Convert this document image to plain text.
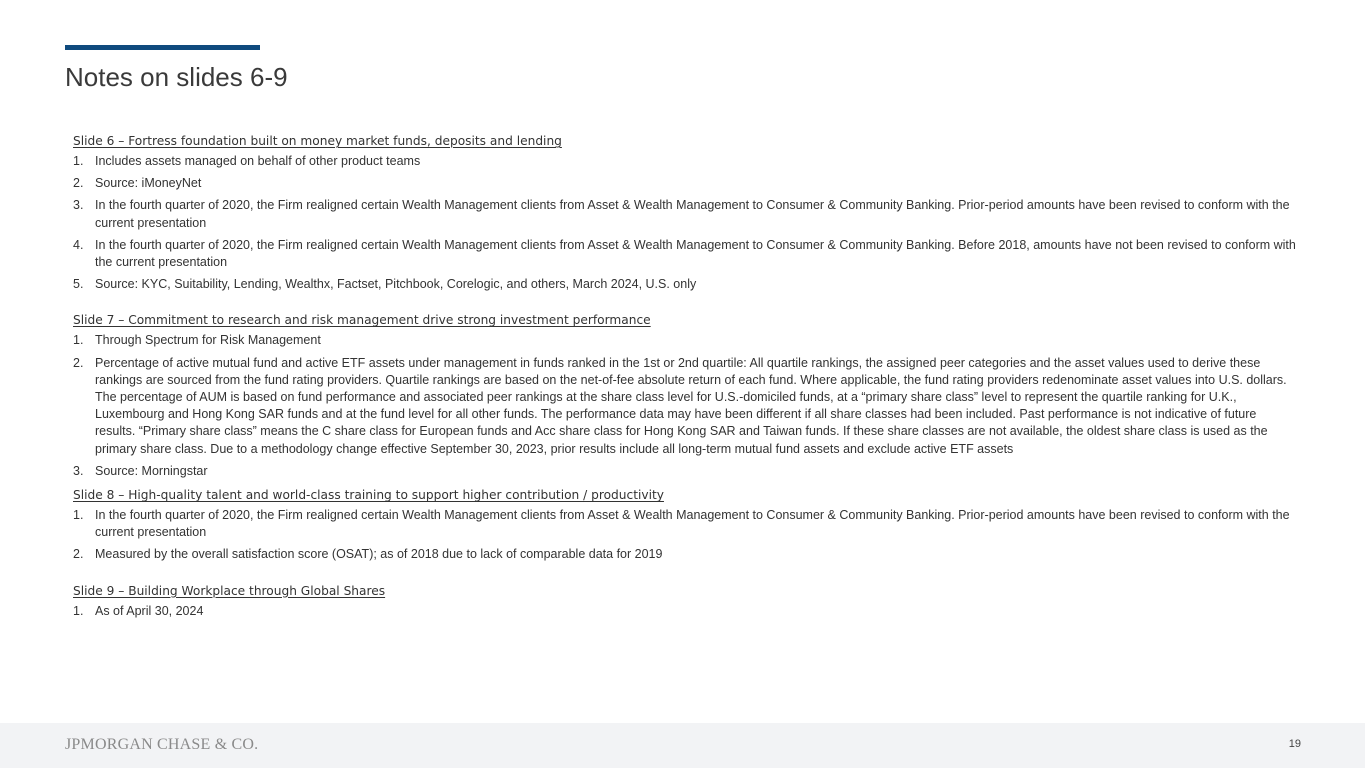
Notes on slides 6-9
Slide 6 – Fortress foundation built on money market funds, deposits and lending
1. Includes assets managed on behalf of other product teams
2. Source: iMoneyNet
3. In the fourth quarter of 2020, the Firm realigned certain Wealth Management clients from Asset & Wealth Management to Consumer & Community Banking. Prior-period amounts have been revised to conform with the current presentation
4. In the fourth quarter of 2020, the Firm realigned certain Wealth Management clients from Asset & Wealth Management to Consumer & Community Banking. Before 2018, amounts have not been revised to conform with the current presentation
5. Source: KYC, Suitability, Lending, Wealthx, Factset, Pitchbook, Corelogic, and others, March 2024, U.S. only
Slide 7 – Commitment to research and risk management drive strong investment performance
1. Through Spectrum for Risk Management
2. Percentage of active mutual fund and active ETF assets under management in funds ranked in the 1st or 2nd quartile: All quartile rankings, the assigned peer categories and the asset values used to derive these rankings are sourced from the fund rating providers. Quartile rankings are based on the net-of-fee absolute return of each fund. Where applicable, the fund rating providers redenominate asset values into U.S. dollars. The percentage of AUM is based on fund performance and associated peer rankings at the share class level for U.S.-domiciled funds, at a “primary share class” level to represent the quartile ranking for U.K., Luxembourg and Hong Kong SAR funds and at the fund level for all other funds. The performance data may have been different if all share classes had been included. Past performance is not indicative of future results. “Primary share class” means the C share class for European funds and Acc share class for Hong Kong SAR and Taiwan funds. If these share classes are not available, the oldest share class is used as the primary share class. Due to a methodology change effective September 30, 2023, prior results include all long-term mutual fund assets and exclude active ETF assets
3. Source: Morningstar
Slide 8 – High-quality talent and world-class training to support higher contribution / productivity
1. In the fourth quarter of 2020, the Firm realigned certain Wealth Management clients from Asset & Wealth Management to Consumer & Community Banking. Prior-period amounts have been revised to conform with the current presentation
2. Measured by the overall satisfaction score (OSAT); as of 2018 due to lack of comparable data for 2019
Slide 9 – Building Workplace through Global Shares
1. As of April 30, 2024
JPMORGAN CHASE & CO.	19
